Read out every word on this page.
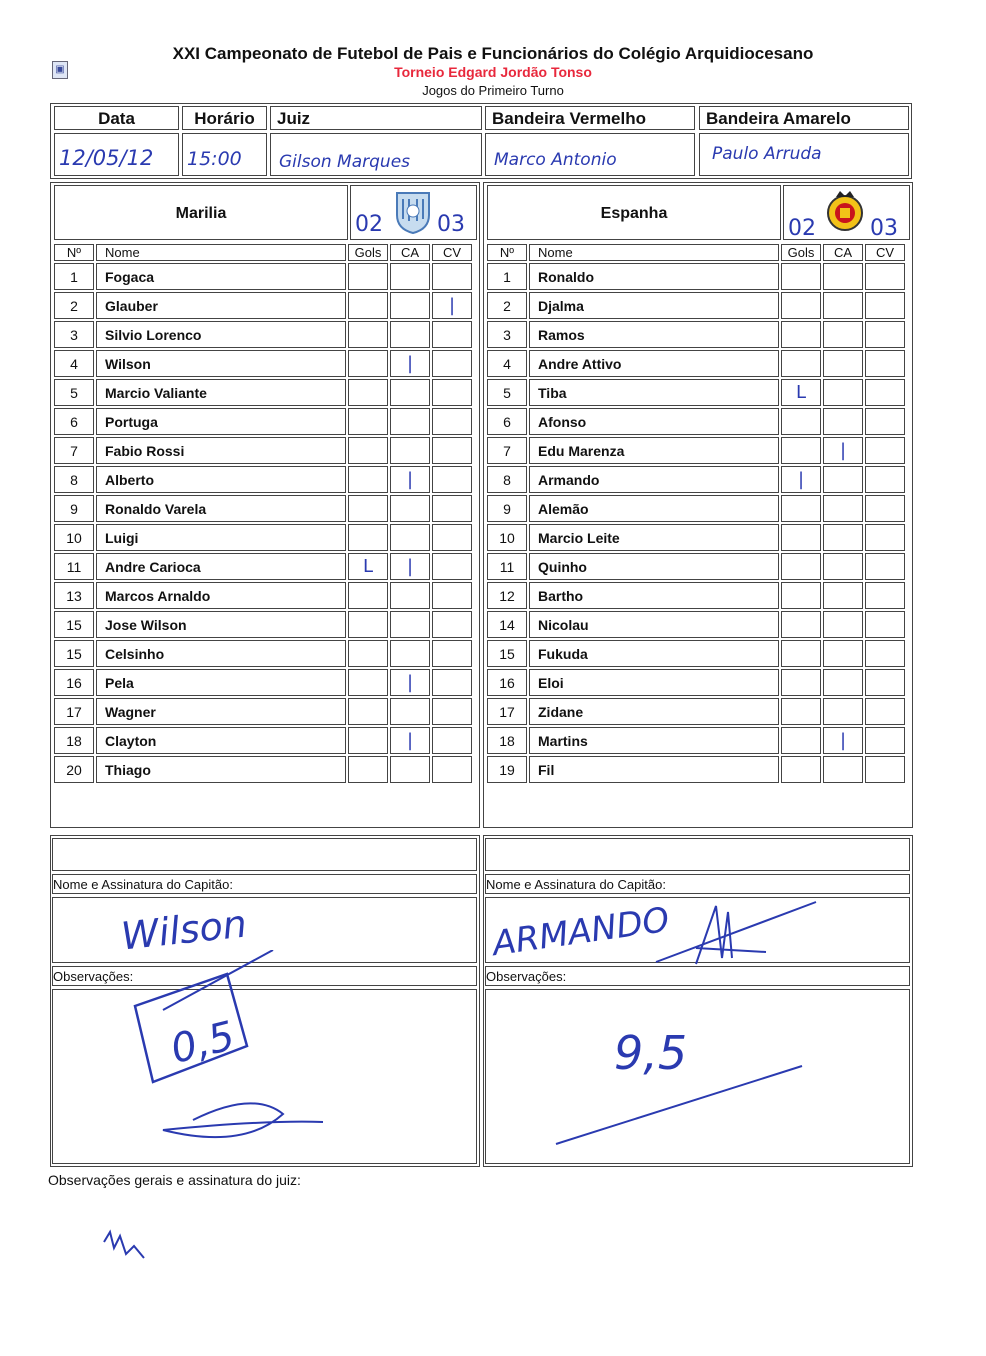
▣
XXI Campeonato de Futebol de Pais e Funcionários do Colégio Arquidiocesano
Torneio Edgard Jordão Tonso
Jogos do Primeiro Turno
Data	Horário	Juiz	Bandeira Vermelho	Bandeira Amarelo
12/05/12 15:00 Gilson Marques	Marco Antonio	Paulo Arruda
Marilia	02 03	Espanha
02 03
Nº	Nome	Gols	CA	CV
1	Fogaca			
2	Glauber			|
3	Silvio Lorenco			
4	Wilson		|	
5	Marcio Valiante			
6	Portuga			
7	Fabio Rossi			
8	Alberto		|	
9	Ronaldo Varela			
10	Luigi			
11	Andre Carioca	L	|	
13	Marcos Arnaldo			
15	Jose Wilson			
15	Celsinho			
16	Pela		|	
17	Wagner			
18	Clayton		|	
20	Thiago			
Nº	Nome	Gols	CA	CV
1	Ronaldo			
2	Djalma			
3	Ramos			
4	Andre Attivo			
5	Tiba	L		
6	Afonso			
7	Edu Marenza		|	
8	Armando	|		
9	Alemão			
10	Marcio Leite			
11	Quinho			
12	Bartho			
14	Nicolau			
15	Fukuda			
16	Eloi			
17	Zidane			
18	Martins		|	
19	Fil			
Nome e Assinatura do Capitão:	Nome e Assinatura do Capitão:
Wilson	ARMANDO
Observações:	Observações:
0,5	9,5
Observações gerais e assinatura do juiz:
